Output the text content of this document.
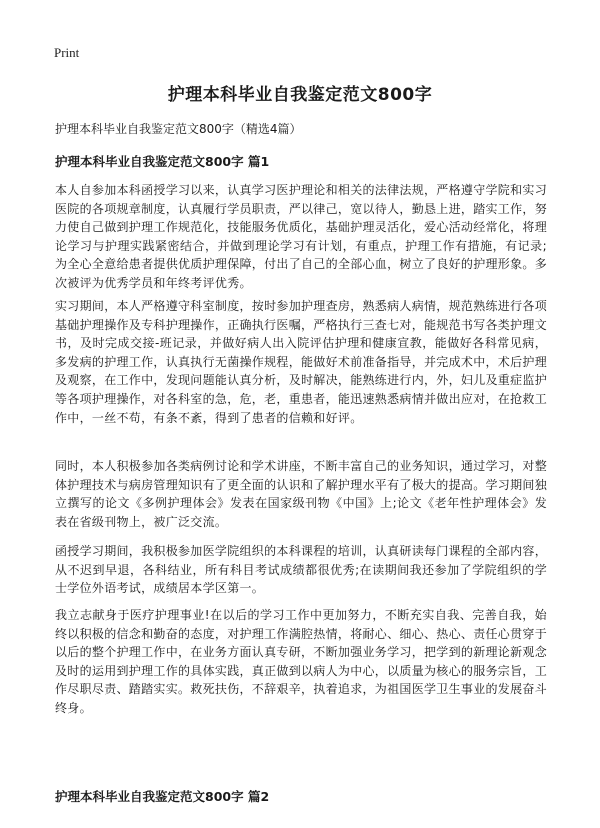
Print
护理本科毕业自我鉴定范文800字
护理本科毕业自我鉴定范文800字（精选4篇）
护理本科毕业自我鉴定范文800字 篇1

本人自参加本科函授学习以来，认真学习医护理论和相关的法律法规，严格遵守学院和实习医院的各项规章制度，认真履行学员职责，严以律己，宽以待人，勤恳上进，踏实工作，努力使自己做到护理工作规范化，技能服务优质化，基础护理灵活化，爱心活动经常化，将理论学习与护理实践紧密结合，并做到理论学习有计划，有重点，护理工作有措施，有记录;为全心全意给患者提供优质护理保障，付出了自己的全部心血，树立了良好的护理形象。多次被评为优秀学员和年终考评优秀。

实习期间，本人严格遵守科室制度，按时参加护理查房，熟悉病人病情，规范熟练进行各项基础护理操作及专科护理操作，正确执行医嘱，严格执行三查七对，能规范书写各类护理文书，及时完成交接-班记录，并做好病人出入院评估护理和健康宣教，能做好各科常见病，多发病的护理工作，认真执行无菌操作规程，能做好术前准备指导，并完成术中，术后护理及观察，在工作中，发现问题能认真分析，及时解决，能熟练进行内，外，妇儿及重症监护等各项护理操作，对各科室的急，危，老，重患者，能迅速熟悉病情并做出应对，在抢救工作中，一丝不苟，有条不紊，得到了患者的信赖和好评。

同时，本人积极参加各类病例讨论和学术讲座，不断丰富自己的业务知识，通过学习，对整体护理技术与病房管理知识有了更全面的认识和了解护理水平有了极大的提高。学习期间独立撰写的论文《多例护理体会》发表在国家级刊物《中国》上;论文《老年性护理体会》发表在省级刊物上，被广泛交流。

函授学习期间，我积极参加医学院组织的本科课程的培训，认真研读每门课程的全部内容，从不迟到早退，各科结业，所有科目考试成绩都很优秀;在读期间我还参加了学院组织的学士学位外语考试，成绩居本学区第一。

我立志献身于医疗护理事业!在以后的学习工作中更加努力，不断充实自我、完善自我，始终以积极的信念和勤奋的态度，对护理工作满腔热情，将耐心、细心、热心、责任心贯穿于以后的整个护理工作中，在业务方面认真专研，不断加强业务学习，把学到的新理论新观念及时的运用到护理工作的具体实践，真正做到以病人为中心，以质量为核心的服务宗旨，工作尽职尽责、踏踏实实。救死扶伤，不辞艰辛，执着追求，为祖国医学卫生事业的发展奋斗终身。

护理本科毕业自我鉴定范文800字 篇2
